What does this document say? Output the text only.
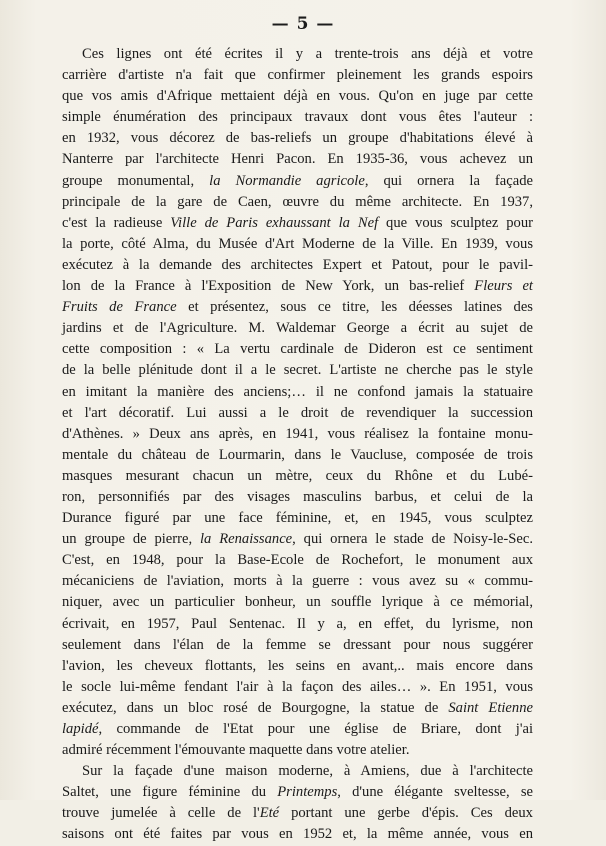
— 5 —
Ces lignes ont été écrites il y a trente-trois ans déjà et votre
carrière d'artiste n'a fait que confirmer pleinement les grands espoirs
que vos amis d'Afrique mettaient déjà en vous. Qu'on en juge par cette
simple énumération des principaux travaux dont vous êtes l'auteur :
en 1932, vous décorez de bas-reliefs un groupe d'habitations élevé à
Nanterre par l'architecte Henri Pacon. En 1935-36, vous achevez un
groupe monumental, la Normandie agricole, qui ornera la façade
principale de la gare de Caen, œuvre du même architecte. En 1937,
c'est la radieuse Ville de Paris exhaussant la Nef que vous sculptez pour
la porte, côté Alma, du Musée d'Art Moderne de la Ville. En 1939, vous
exécutez à la demande des architectes Expert et Patout, pour le pavil-
lon de la France à l'Exposition de New York, un bas-relief Fleurs et
Fruits de France et présentez, sous ce titre, les déesses latines des
jardins et de l'Agriculture. M. Waldemar George a écrit au sujet de
cette composition : « La vertu cardinale de Dideron est ce sentiment
de la belle plénitude dont il a le secret. L'artiste ne cherche pas le style
en imitant la manière des anciens;… il ne confond jamais la statuaire
et l'art décoratif. Lui aussi a le droit de revendiquer la succession
d'Athènes. » Deux ans après, en 1941, vous réalisez la fontaine monu-
mentale du château de Lourmarin, dans le Vaucluse, composée de trois
masques mesurant chacun un mètre, ceux du Rhône et du Lubé-
ron, personnifiés par des visages masculins barbus, et celui de la
Durance figuré par une face féminine, et, en 1945, vous sculptez
un groupe de pierre, la Renaissance, qui ornera le stade de Noisy-le-Sec.
C'est, en 1948, pour la Base-Ecole de Rochefort, le monument aux
mécaniciens de l'aviation, morts à la guerre : vous avez su « commu-
niquer, avec un particulier bonheur, un souffle lyrique à ce mémorial,
écrivait, en 1957, Paul Sentenac. Il y a, en effet, du lyrisme, non
seulement dans l'élan de la femme se dressant pour nous suggérer
l'avion, les cheveux flottants, les seins en avant,.. mais encore dans
le socle lui-même fendant l'air à la façon des ailes… ». En 1951, vous
exécutez, dans un bloc rosé de Bourgogne, la statue de Saint Etienne
lapidé, commande de l'Etat pour une église de Briare, dont j'ai
admiré récemment l'émouvante maquette dans votre atelier.
Sur la façade d'une maison moderne, à Amiens, due à l'architecte
Saltet, une figure féminine du Printemps, d'une élégante sveltesse, se
trouve jumelée à celle de l'Eté portant une gerbe d'épis. Ces deux
saisons ont été faites par vous en 1952 et, la même année, vous en
